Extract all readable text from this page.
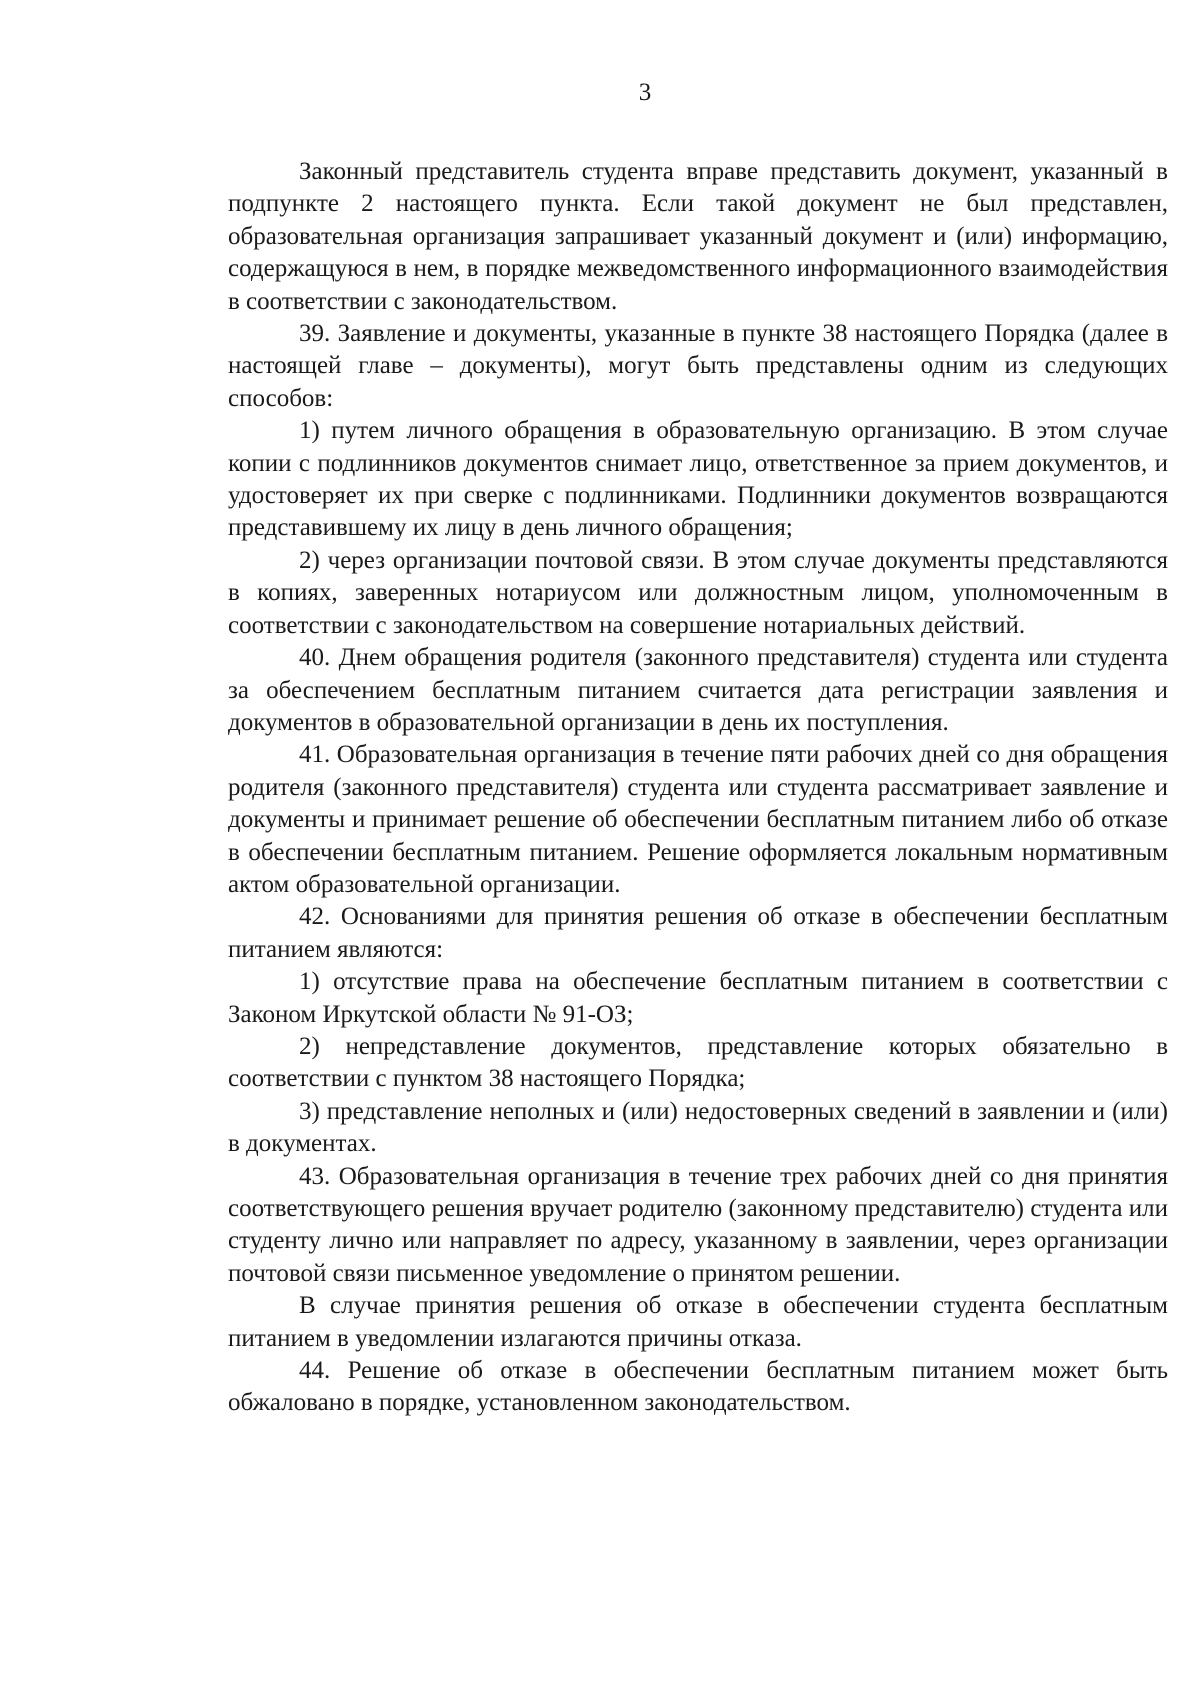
3

Законный представитель студента вправе представить документ, указанный в подпункте 2 настоящего пункта. Если такой документ не был представлен, образовательная организация запрашивает указанный документ и (или) информацию, содержащуюся в нем, в порядке межведомственного информационного взаимодействия в соответствии с законодательством.

39. Заявление и документы, указанные в пункте 38 настоящего Порядка (далее в настоящей главе – документы), могут быть представлены одним из следующих способов:

1) путем личного обращения в образовательную организацию. В этом случае копии с подлинников документов снимает лицо, ответственное за прием документов, и удостоверяет их при сверке с подлинниками. Подлинники документов возвращаются представившему их лицу в день личного обращения;

2) через организации почтовой связи. В этом случае документы представляются в копиях, заверенных нотариусом или должностным лицом, уполномоченным в соответствии с законодательством на совершение нотариальных действий.

40. Днем обращения родителя (законного представителя) студента или студента за обеспечением бесплатным питанием считается дата регистрации заявления и документов в образовательной организации в день их поступления.

41. Образовательная организация в течение пяти рабочих дней со дня обращения родителя (законного представителя) студента или студента рассматривает заявление и документы и принимает решение об обеспечении бесплатным питанием либо об отказе в обеспечении бесплатным питанием. Решение оформляется локальным нормативным актом образовательной организации.

42. Основаниями для принятия решения об отказе в обеспечении бесплатным питанием являются:

1) отсутствие права на обеспечение бесплатным питанием в соответствии с Законом Иркутской области № 91-ОЗ;

2) непредставление документов, представление которых обязательно в соответствии с пунктом 38 настоящего Порядка;

3) представление неполных и (или) недостоверных сведений в заявлении и (или) в документах.

43. Образовательная организация в течение трех рабочих дней со дня принятия соответствующего решения вручает родителю (законному представителю) студента или студенту лично или направляет по адресу, указанному в заявлении, через организации почтовой связи письменное уведомление о принятом решении.

В случае принятия решения об отказе в обеспечении студента бесплатным питанием в уведомлении излагаются причины отказа.

44. Решение об отказе в обеспечении бесплатным питанием может быть обжаловано в порядке, установленном законодательством.
